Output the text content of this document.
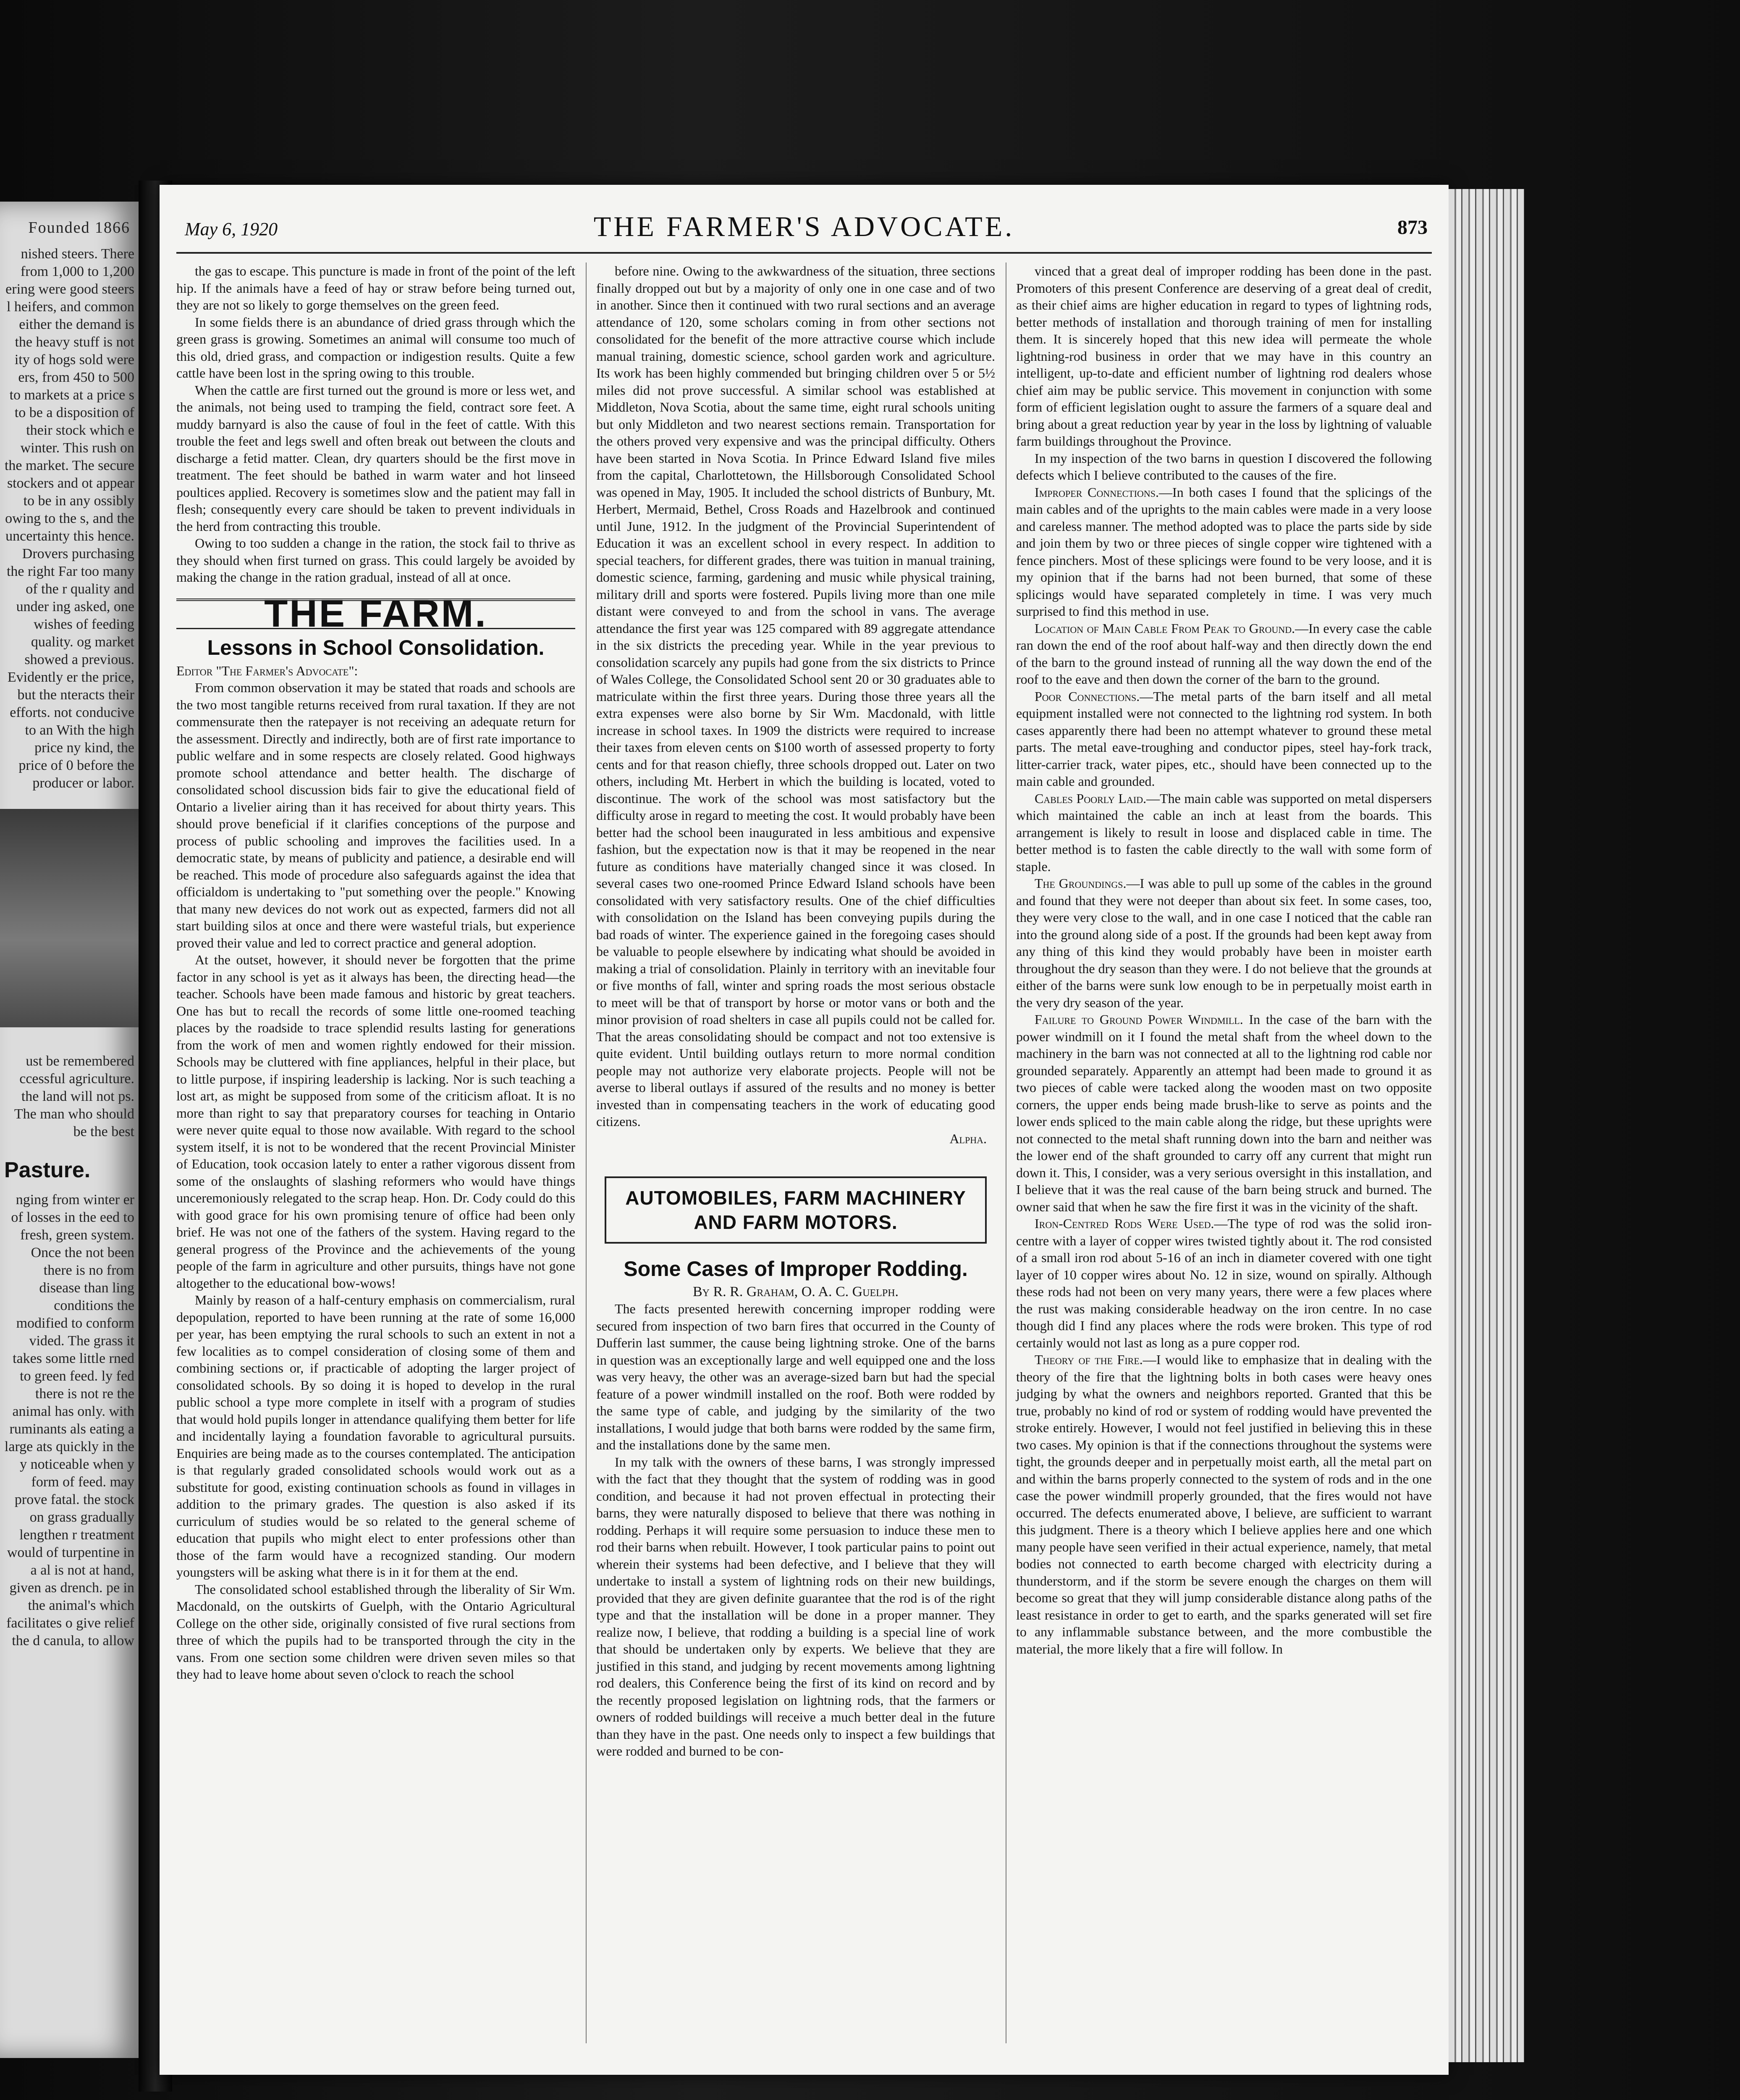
Founded 1866
nished steers. There from 1,000 to 1,200 ering were good steers l heifers, and common either the demand is the heavy stuff is not ity of hogs sold were ers, from 450 to 500 to markets at a price s to be a disposition of their stock which e winter. This rush on the market. The secure stockers and ot appear to be in any ossibly owing to the s, and the uncertainty this hence. Drovers purchasing the right Far too many of the r quality and under ing asked, one wishes of feeding quality. og market showed a previous. Evidently er the price, but the nteracts their efforts. not conducive to an With the high price ny kind, the price of 0 before the producer or labor.
ust be remembered ccessful agriculture. the land will not ps. The man who should be the best
Pasture.
nging from winter er of losses in the eed to fresh, green system. Once the not been there is no from disease than ling conditions the modified to conform vided. The grass it takes some little rned to green feed. ly fed there is not re the animal has only. with ruminants als eating a large ats quickly in the y noticeable when y form of feed. may prove fatal. the stock on grass gradually lengthen r treatment would of turpentine in a al is not at hand, given as drench. pe in the animal's which facilitates o give relief the d canula, to allow
May 6, 1920	THE FARMER'S ADVOCATE.	873

the gas to escape. This puncture is made in front of the point of the left hip. If the animals have a feed of hay or straw before being turned out, they are not so likely to gorge themselves on the green feed.

In some fields there is an abundance of dried grass through which the green grass is growing. Sometimes an animal will consume too much of this old, dried grass, and compaction or indigestion results. Quite a few cattle have been lost in the spring owing to this trouble.

When the cattle are first turned out the ground is more or less wet, and the animals, not being used to tramping the field, contract sore feet. A muddy barnyard is also the cause of foul in the feet of cattle. With this trouble the feet and legs swell and often break out between the clouts and discharge a fetid matter. Clean, dry quarters should be the first move in treatment. The feet should be bathed in warm water and hot linseed poultices applied. Recovery is sometimes slow and the patient may fall in flesh; consequently every care should be taken to prevent individuals in the herd from contracting this trouble.

Owing to too sudden a change in the ration, the stock fail to thrive as they should when first turned on grass. This could largely be avoided by making the change in the ration gradual, instead of all at once.

THE FARM.
Lessons in School Consolidation.

Editor "The Farmer's Advocate":

From common observation it may be stated that roads and schools are the two most tangible returns received from rural taxation. If they are not commensurate then the ratepayer is not receiving an adequate return for the assessment. Directly and indirectly, both are of first rate importance to public welfare and in some respects are closely related. Good highways promote school attendance and better health. The discharge of consolidated school discussion bids fair to give the educational field of Ontario a livelier airing than it has received for about thirty years. This should prove beneficial if it clarifies conceptions of the purpose and process of public schooling and improves the facilities used. In a democratic state, by means of publicity and patience, a desirable end will be reached. This mode of procedure also safeguards against the idea that officialdom is undertaking to "put something over the people." Knowing that many new devices do not work out as expected, farmers did not all start building silos at once and there were wasteful trials, but experience proved their value and led to correct practice and general adoption.

At the outset, however, it should never be forgotten that the prime factor in any school is yet as it always has been, the directing head—the teacher. Schools have been made famous and historic by great teachers. One has but to recall the records of some little one-roomed teaching places by the roadside to trace splendid results lasting for generations from the work of men and women rightly endowed for their mission. Schools may be cluttered with fine appliances, helpful in their place, but to little purpose, if inspiring leadership is lacking. Nor is such teaching a lost art, as might be supposed from some of the criticism afloat. It is no more than right to say that preparatory courses for teaching in Ontario were never quite equal to those now available. With regard to the school system itself, it is not to be wondered that the recent Provincial Minister of Education, took occasion lately to enter a rather vigorous dissent from some of the onslaughts of slashing reformers who would have things unceremoniously relegated to the scrap heap. Hon. Dr. Cody could do this with good grace for his own promising tenure of office had been only brief. He was not one of the fathers of the system. Having regard to the general progress of the Province and the achievements of the young people of the farm in agriculture and other pursuits, things have not gone altogether to the educational bow-wows!

Mainly by reason of a half-century emphasis on commercialism, rural depopulation, reported to have been running at the rate of some 16,000 per year, has been emptying the rural schools to such an extent in not a few localities as to compel consideration of closing some of them and combining sections or, if practicable of adopting the larger project of consolidated schools. By so doing it is hoped to develop in the rural public school a type more complete in itself with a program of studies that would hold pupils longer in attendance qualifying them better for life and incidentally laying a foundation favorable to agricultural pursuits. Enquiries are being made as to the courses contemplated. The anticipation is that regularly graded consolidated schools would work out as a substitute for good, existing continuation schools as found in villages in addition to the primary grades. The question is also asked if its curriculum of studies would be so related to the general scheme of education that pupils who might elect to enter professions other than those of the farm would have a recognized standing. Our modern youngsters will be asking what there is in it for them at the end.

The consolidated school established through the liberality of Sir Wm. Macdonald, on the outskirts of Guelph, with the Ontario Agricultural College on the other side, originally consisted of five rural sections from three of which the pupils had to be transported through the city in the vans. From one section some children were driven seven miles so that they had to leave home about seven o'clock to reach the school

before nine. Owing to the awkwardness of the situation, three sections finally dropped out but by a majority of only one in one case and of two in another. Since then it continued with two rural sections and an average attendance of 120, some scholars coming in from other sections not consolidated for the benefit of the more attractive course which include manual training, domestic science, school garden work and agriculture. Its work has been highly commended but bringing children over 5 or 5½ miles did not prove successful. A similar school was established at Middleton, Nova Scotia, about the same time, eight rural schools uniting but only Middleton and two nearest sections remain. Transportation for the others proved very expensive and was the principal difficulty. Others have been started in Nova Scotia. In Prince Edward Island five miles from the capital, Charlottetown, the Hillsborough Consolidated School was opened in May, 1905. It included the school districts of Bunbury, Mt. Herbert, Mermaid, Bethel, Cross Roads and Hazelbrook and continued until June, 1912. In the judgment of the Provincial Superintendent of Education it was an excellent school in every respect. In addition to special teachers, for different grades, there was tuition in manual training, domestic science, farming, gardening and music while physical training, military drill and sports were fostered. Pupils living more than one mile distant were conveyed to and from the school in vans. The average attendance the first year was 125 compared with 89 aggregate attendance in the six districts the preceding year. While in the year previous to consolidation scarcely any pupils had gone from the six districts to Prince of Wales College, the Consolidated School sent 20 or 30 graduates able to matriculate within the first three years. During those three years all the extra expenses were also borne by Sir Wm. Macdonald, with little increase in school taxes. In 1909 the districts were required to increase their taxes from eleven cents on $100 worth of assessed property to forty cents and for that reason chiefly, three schools dropped out. Later on two others, including Mt. Herbert in which the building is located, voted to discontinue. The work of the school was most satisfactory but the difficulty arose in regard to meeting the cost. It would probably have been better had the school been inaugurated in less ambitious and expensive fashion, but the expectation now is that it may be reopened in the near future as conditions have materially changed since it was closed. In several cases two one-roomed Prince Edward Island schools have been consolidated with very satisfactory results. One of the chief difficulties with consolidation on the Island has been conveying pupils during the bad roads of winter. The experience gained in the foregoing cases should be valuable to people elsewhere by indicating what should be avoided in making a trial of consolidation. Plainly in territory with an inevitable four or five months of fall, winter and spring roads the most serious obstacle to meet will be that of transport by horse or motor vans or both and the minor provision of road shelters in case all pupils could not be called for. That the areas consolidating should be compact and not too extensive is quite evident. Until building outlays return to more normal condition people may not authorize very elaborate projects. People will not be averse to liberal outlays if assured of the results and no money is better invested than in compensating teachers in the work of educating good citizens.

Alpha.

AUTOMOBILES, FARM MACHINERY
AND FARM MOTORS.
Some Cases of Improper Rodding.

By R. R. Graham, O. A. C. Guelph.

The facts presented herewith concerning improper rodding were secured from inspection of two barn fires that occurred in the County of Dufferin last summer, the cause being lightning stroke. One of the barns in question was an exceptionally large and well equipped one and the loss was very heavy, the other was an average-sized barn but had the special feature of a power windmill installed on the roof. Both were rodded by the same type of cable, and judging by the similarity of the two installations, I would judge that both barns were rodded by the same firm, and the installations done by the same men.

In my talk with the owners of these barns, I was strongly impressed with the fact that they thought that the system of rodding was in good condition, and because it had not proven effectual in protecting their barns, they were naturally disposed to believe that there was nothing in rodding. Perhaps it will require some persuasion to induce these men to rod their barns when rebuilt. However, I took particular pains to point out wherein their systems had been defective, and I believe that they will undertake to install a system of lightning rods on their new buildings, provided that they are given definite guarantee that the rod is of the right type and that the installation will be done in a proper manner. They realize now, I believe, that rodding a building is a special line of work that should be undertaken only by experts. We believe that they are justified in this stand, and judging by recent movements among lightning rod dealers, this Conference being the first of its kind on record and by the recently proposed legislation on lightning rods, that the farmers or owners of rodded buildings will receive a much better deal in the future than they have in the past. One needs only to inspect a few buildings that were rodded and burned to be con-

vinced that a great deal of improper rodding has been done in the past. Promoters of this present Conference are deserving of a great deal of credit, as their chief aims are higher education in regard to types of lightning rods, better methods of installation and thorough training of men for installing them. It is sincerely hoped that this new idea will permeate the whole lightning-rod business in order that we may have in this country an intelligent, up-to-date and efficient number of lightning rod dealers whose chief aim may be public service. This movement in conjunction with some form of efficient legislation ought to assure the farmers of a square deal and bring about a great reduction year by year in the loss by lightning of valuable farm buildings throughout the Province.

In my inspection of the two barns in question I discovered the following defects which I believe contributed to the causes of the fire.

Improper Connections.—In both cases I found that the splicings of the main cables and of the uprights to the main cables were made in a very loose and careless manner. The method adopted was to place the parts side by side and join them by two or three pieces of single copper wire tightened with a fence pinchers. Most of these splicings were found to be very loose, and it is my opinion that if the barns had not been burned, that some of these splicings would have separated completely in time. I was very much surprised to find this method in use.

Location of Main Cable From Peak to Ground.—In every case the cable ran down the end of the roof about half-way and then directly down the end of the barn to the ground instead of running all the way down the end of the roof to the eave and then down the corner of the barn to the ground.

Poor Connections.—The metal parts of the barn itself and all metal equipment installed were not connected to the lightning rod system. In both cases apparently there had been no attempt whatever to ground these metal parts. The metal eave-troughing and conductor pipes, steel hay-fork track, litter-carrier track, water pipes, etc., should have been connected up to the main cable and grounded.

Cables Poorly Laid.—The main cable was supported on metal dispersers which maintained the cable an inch at least from the boards. This arrangement is likely to result in loose and displaced cable in time. The better method is to fasten the cable directly to the wall with some form of staple.

The Groundings.—I was able to pull up some of the cables in the ground and found that they were not deeper than about six feet. In some cases, too, they were very close to the wall, and in one case I noticed that the cable ran into the ground along side of a post. If the grounds had been kept away from any thing of this kind they would probably have been in moister earth throughout the dry season than they were. I do not believe that the grounds at either of the barns were sunk low enough to be in perpetually moist earth in the very dry season of the year.

Failure to Ground Power Windmill. In the case of the barn with the power windmill on it I found the metal shaft from the wheel down to the machinery in the barn was not connected at all to the lightning rod cable nor grounded separately. Apparently an attempt had been made to ground it as two pieces of cable were tacked along the wooden mast on two opposite corners, the upper ends being made brush-like to serve as points and the lower ends spliced to the main cable along the ridge, but these uprights were not connected to the metal shaft running down into the barn and neither was the lower end of the shaft grounded to carry off any current that might run down it. This, I consider, was a very serious oversight in this installation, and I believe that it was the real cause of the barn being struck and burned. The owner said that when he saw the fire first it was in the vicinity of the shaft.

Iron-Centred Rods Were Used.—The type of rod was the solid iron-centre with a layer of copper wires twisted tightly about it. The rod consisted of a small iron rod about 5-16 of an inch in diameter covered with one tight layer of 10 copper wires about No. 12 in size, wound on spirally. Although these rods had not been on very many years, there were a few places where the rust was making considerable headway on the iron centre. In no case though did I find any places where the rods were broken. This type of rod certainly would not last as long as a pure copper rod.

Theory of the Fire.—I would like to emphasize that in dealing with the theory of the fire that the lightning bolts in both cases were heavy ones judging by what the owners and neighbors reported. Granted that this be true, probably no kind of rod or system of rodding would have prevented the stroke entirely. However, I would not feel justified in believing this in these two cases. My opinion is that if the connections throughout the systems were tight, the grounds deeper and in perpetually moist earth, all the metal part on and within the barns properly connected to the system of rods and in the one case the power windmill properly grounded, that the fires would not have occurred. The defects enumerated above, I believe, are sufficient to warrant this judgment. There is a theory which I believe applies here and one which many people have seen verified in their actual experience, namely, that metal bodies not connected to earth become charged with electricity during a thunderstorm, and if the storm be severe enough the charges on them will become so great that they will jump considerable distance along paths of the least resistance in order to get to earth, and the sparks generated will set fire to any inflammable substance between, and the more combustible the material, the more likely that a fire will follow. In
